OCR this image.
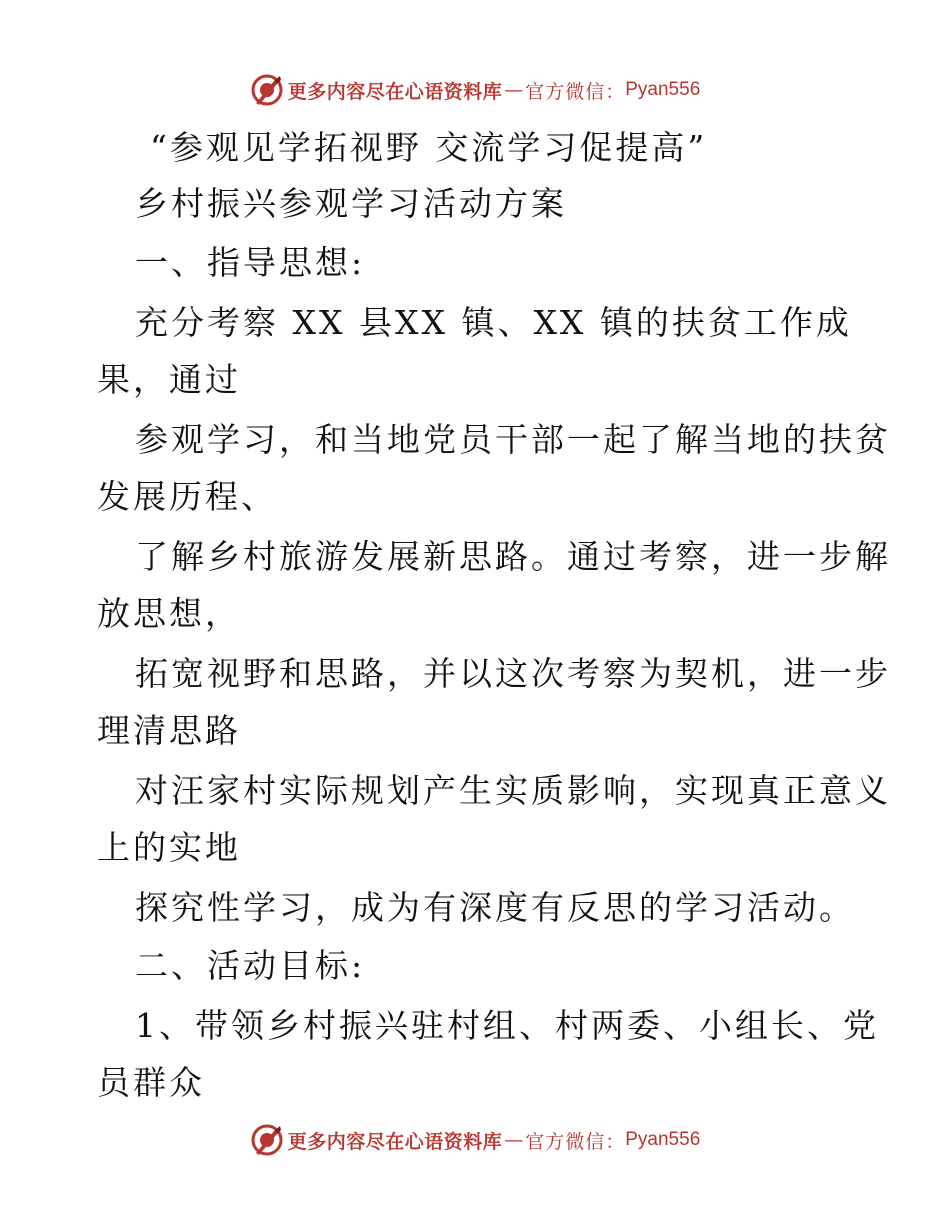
更多内容尽在心语资料库 — 官方微信： Pyan556
“参观见学拓视野 交流学习促提高”
乡村振兴参观学习活动方案
一、指导思想:
充分考察 XX 县XX 镇、XX 镇的扶贫工作成
果，通过
参观学习，和当地党员干部一起了解当地的扶贫
发展历程、
了解乡村旅游发展新思路。通过考察，进一步解
放思想，
拓宽视野和思路，并以这次考察为契机，进一步
理清思路
对汪家村实际规划产生实质影响，实现真正意义
上的实地
探究性学习，成为有深度有反思的学习活动。
二、活动目标:
1、带领乡村振兴驻村组、村两委、小组长、党
员群众
更多内容尽在心语资料库 — 官方微信： Pyan556
